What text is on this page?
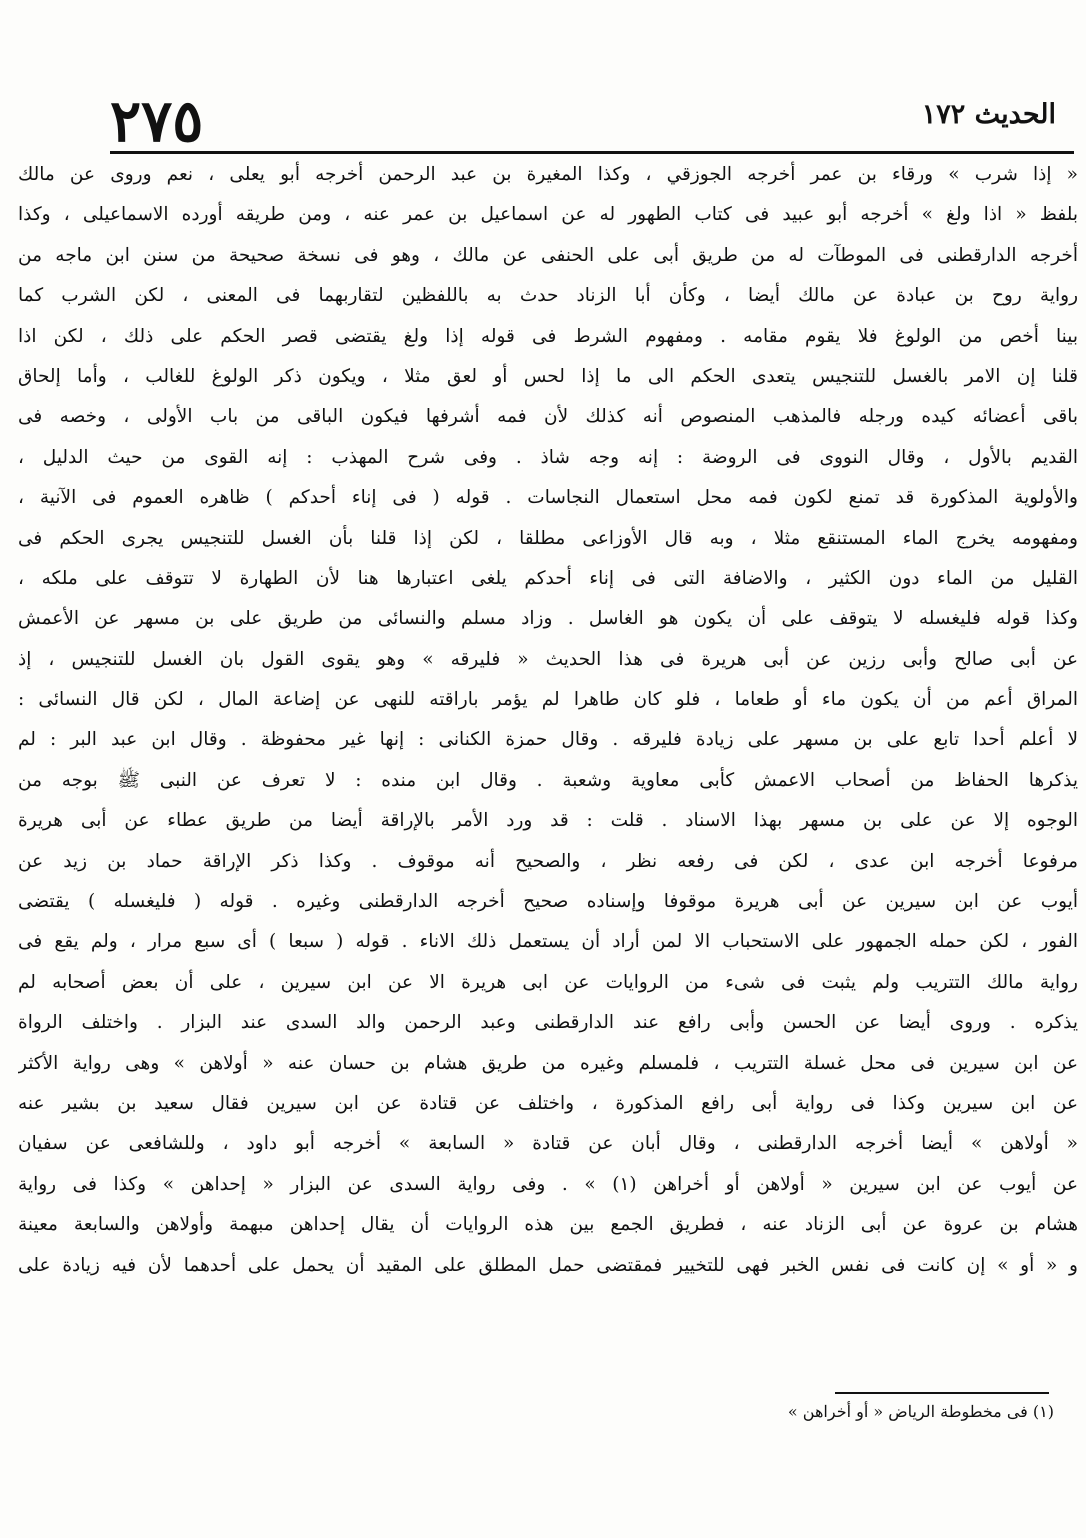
٢٧٥	الحديث ١٧٢
« إذا شرب » ورقاء بن عمر أخرجه الجوزقي ، وكذا المغيرة بن عبد الرحمن أخرجه أبو يعلى ، نعم وروى عن مالك
بلفظ « اذا ولغ » أخرجه أبو عبيد فى كتاب الطهور له عن اسماعيل بن عمر عنه ، ومن طريقه أورده الاسماعيلى ، وكذا
أخرجه الدارقطنى فى الموطآت له من طريق أبى على الحنفى عن مالك ، وهو فى نسخة صحيحة من سنن ابن ماجه من
رواية روح بن عبادة عن مالك أيضا ، وكأن أبا الزناد حدث به باللفظين لتقاربهما فى المعنى ، لكن الشرب كما
بينا أخص من الولوغ فلا يقوم مقامه . ومفهوم الشرط فى قوله إذا ولغ يقتضى قصر الحكم على ذلك ، لكن اذا
قلنا إن الامر بالغسل للتنجيس يتعدى الحكم الى ما إذا لحس أو لعق مثلا ، ويكون ذكر الولوغ للغالب ، وأما إلحاق
باقى أعضائه كيده ورجله فالمذهب المنصوص أنه كذلك لأن فمه أشرفها فيكون الباقى من باب الأولى ، وخصه فى
القديم بالأول ، وقال النووى فى الروضة : إنه وجه شاذ . وفى شرح المهذب : إنه القوى من حيث الدليل ،
والأولوية المذكورة قد تمنع لكون فمه محل استعمال النجاسات . قوله ( فى إناء أحدكم ) ظاهره العموم فى الآنية ،
ومفهومه يخرج الماء المستنقع مثلا ، وبه قال الأوزاعى مطلقا ، لكن إذا قلنا بأن الغسل للتنجيس يجرى الحكم فى
القليل من الماء دون الكثير ، والاضافة التى فى إناء أحدكم يلغى اعتبارها هنا لأن الطهارة لا تتوقف على ملكه ،
وكذا قوله فليغسله لا يتوقف على أن يكون هو الغاسل . وزاد مسلم والنسائى من طريق على بن مسهر عن الأعمش
عن أبى صالح وأبى رزين عن أبى هريرة فى هذا الحديث « فليرقه » وهو يقوى القول بان الغسل للتنجيس ، إذ
المراق أعم من أن يكون ماء أو طعاما ، فلو كان طاهرا لم يؤمر باراقته للنهى عن إضاعة المال ، لكن قال النسائى :
لا أعلم أحدا تابع على بن مسهر على زيادة فليرقه . وقال حمزة الكنانى : إنها غير محفوظة . وقال ابن عبد البر : لم
يذكرها الحفاظ من أصحاب الاعمش كأبى معاوية وشعبة . وقال ابن منده : لا تعرف عن النبى ﷺ بوجه من
الوجوه إلا عن على بن مسهر بهذا الاسناد . قلت : قد ورد الأمر بالإراقة أيضا من طريق عطاء عن أبى هريرة
مرفوعا أخرجه ابن عدى ، لكن فى رفعه نظر ، والصحيح أنه موقوف . وكذا ذكر الإراقة حماد بن زيد عن
أيوب عن ابن سيرين عن أبى هريرة موقوفا وإسناده صحيح أخرجه الدارقطنى وغيره . قوله ( فليغسله ) يقتضى
الفور ، لكن حمله الجمهور على الاستحباب الا لمن أراد أن يستعمل ذلك الاناء . قوله ( سبعا ) أى سبع مرار ، ولم يقع فى
رواية مالك التتريب ولم يثبت فى شىء من الروايات عن ابى هريرة الا عن ابن سيرين ، على أن بعض أصحابه لم
يذكره . وروى أيضا عن الحسن وأبى رافع عند الدارقطنى وعبد الرحمن والد السدى عند البزار . واختلف الرواة
عن ابن سيرين فى محل غسلة التتريب ، فلمسلم وغيره من طريق هشام بن حسان عنه « أولاهن » وهى رواية الأكثر
عن ابن سيرين وكذا فى رواية أبى رافع المذكورة ، واختلف عن قتادة عن ابن سيرين فقال سعيد بن بشير عنه
« أولاهن » أيضا أخرجه الدارقطنى ، وقال أبان عن قتادة « السابعة » أخرجه أبو داود ، وللشافعى عن سفيان
عن أيوب عن ابن سيرين « أولاهن أو أخراهن (١) » . وفى رواية السدى عن البزار « إحداهن » وكذا فى رواية
هشام بن عروة عن أبى الزناد عنه ، فطريق الجمع بين هذه الروايات أن يقال إحداهن مبهمة وأولاهن والسابعة معينة
و « أو » إن كانت فى نفس الخبر فهى للتخيير فمقتضى حمل المطلق على المقيد أن يحمل على أحدهما لأن فيه زيادة على
(١) فى مخطوطة الرياض « أو أخراهن »
